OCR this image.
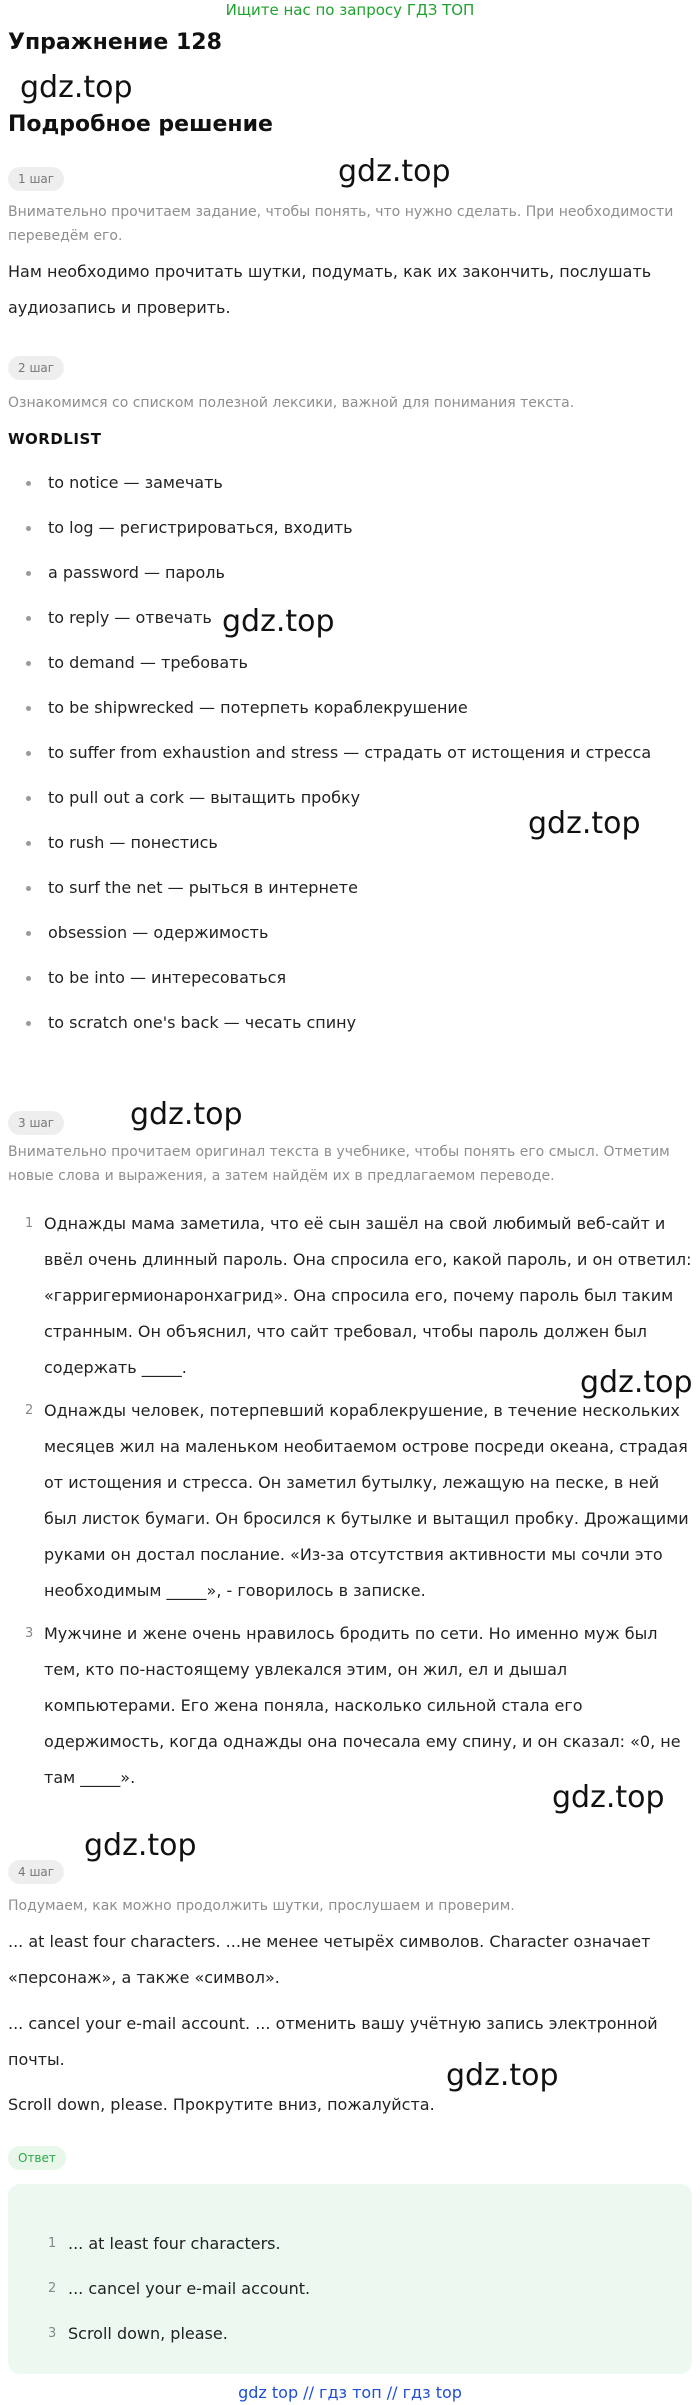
Ищите нас по запросу ГДЗ ТОП
Упражнение 128
gdz.top
gdz.top
gdz.top
gdz.top
gdz.top
gdz.top
gdz.top
gdz.top
gdz.top
Подробное решение
1 шаг
Внимательно прочитаем задание, чтобы понять, что нужно сделать. При необходимости переведём его.
Нам необходимо прочитать шутки, подумать, как их закончить, послушать аудиозапись и проверить.
2 шаг
Ознакомимся со списком полезной лексики, важной для понимания текста.
WORDLIST
to notice — замечать
to log — регистрироваться, входить
a password — пароль
to reply — отвечать
to demand — требовать
to be shipwrecked — потерпеть кораблекрушение
to suffer from exhaustion and stress — страдать от истощения и стресса
to pull out a cork — вытащить пробку
to rush — понестись
to surf the net — рыться в интернете
obsession — одержимость
to be into — интересоваться
to scratch one's back — чесать спину
3 шаг
Внимательно прочитаем оригинал текста в учебнике, чтобы понять его смысл. Отметим новые слова и выражения, а затем найдём их в предлагаемом переводе.
1 Однажды мама заметила, что её сын зашёл на свой любимый веб-сайт и ввёл очень длинный пароль. Она спросила его, какой пароль, и он ответил: «гарригермионаронхагрид». Она спросила его, почему пароль был таким странным. Он объяснил, что сайт требовал, чтобы пароль должен был содержать _____.
2 Однажды человек, потерпевший кораблекрушение, в течение нескольких месяцев жил на маленьком необитаемом острове посреди океана, страдая от истощения и стресса. Он заметил бутылку, лежащую на песке, в ней был листок бумаги. Он бросился к бутылке и вытащил пробку. Дрожащими руками он достал послание. «Из-за отсутствия активности мы сочли это необходимым _____», - говорилось в записке.
3 Мужчине и жене очень нравилось бродить по сети. Но именно муж был тем, кто по-настоящему увлекался этим, он жил, ел и дышал компьютерами. Его жена поняла, насколько сильной стала его одержимость, когда однажды она почесала ему спину, и он сказал: «0, не там _____».
4 шаг
Подумаем, как можно продолжить шутки, прослушаем и проверим.
... at least four characters. ...не менее четырёх символов. Character означает «персонаж», а также «символ».
... cancel your e-mail account. ... отменить вашу учётную запись электронной почты.
Scroll down, please. Прокрутите вниз, пожалуйста.
Ответ
1 ... at least four characters.
2 ... cancel your e-mail account.
3 Scroll down, please.
gdz top // гдз топ // гдз top
